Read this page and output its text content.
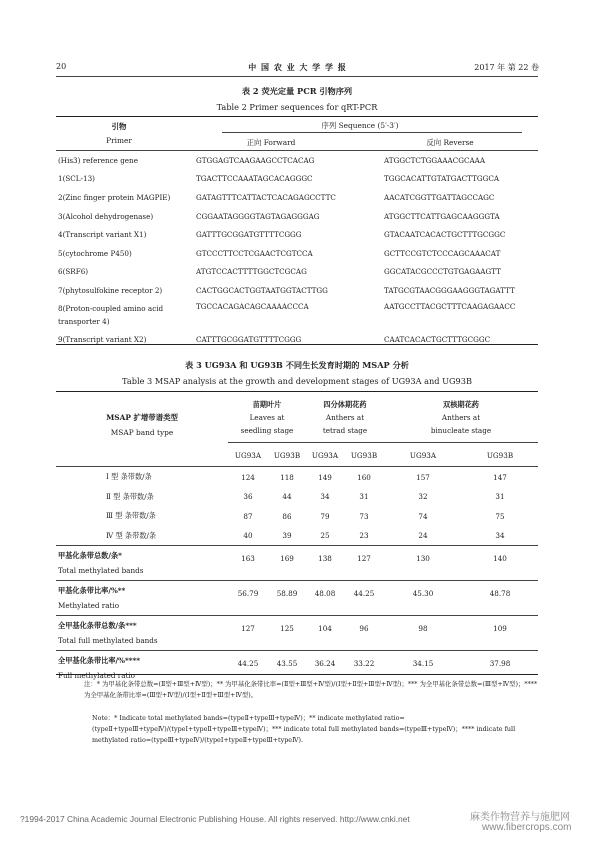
20	中 国 农 业 大 学 学 报	2017 年 第 22 卷
表 2 荧光定量 PCR 引物序列
Table 2 Primer sequences for qRT-PCR
引物
Primer
序列 Sequence (5′-3′)
正向 Forward	反向 Reverse
(His3) reference gene	GTGGAGTCAAGAAGCCTCACAG	ATGGCTCTGGAAACGCAAA

1(SCL-13)	TGACTTCCAAATAGCACAGGGC	TGGCACATTGTATGACTTGGCA

2(Zinc finger protein MAGPIE)	GATAGTTTCATTACTCACAGAGCCTTC	AACATCGGTTGATTAGCCAGC

3(Alcohol dehydrogenase)	CGGAATAGGGGTAGTAGAGGGAG	ATGGCTTCATTGAGCAAGGGTA

4(Transcript variant X1)	GATTTGCGGATGTTTTCGGG	GTACAATCACACTGCTTTGCGGC

5(cytochrome P450)	GTCCCTTCCTCGAACTCGTCCA	GCTTCCGTCTCCCAGCAAACAT

6(SRF6)	ATGTCCACTTTTGGCTCGCAG	GGCATACGCCCTGTGAGAAGTT

7(phytosulfokine receptor 2)	CACTGGCACTGGTAATGGTACTTGG	TATGCGTAACGGGAAGGGTAGATTT

8(Proton-coupled amino acid
transporter 4)	TGCCACAGACAGCAAAACCCA	AATGCCTTACGCTTTCAAGAGAACC

9(Transcript variant X2)	CATTTGCGGATGTTTTCGGG	CAATCACACTGCTTTGCGGC
表 3 UG93A 和 UG93B 不同生长发育时期的 MSAP 分析
Table 3 MSAP analysis at the growth and development stages of UG93A and UG93B
MSAP 扩增带谱类型
MSAP band type
苗期叶片
Leaves at
seedling stage
四分体期花药
Anthers at
tetrad stage
双核期花药
Anthers at
binucleate stage
	UG93A	UG93B	UG93A	UG93B	UG93A	UG93B

Ⅰ 型 条带数/条	124	118	149	160	157	147
Ⅱ 型 条带数/条	36	44	34	31	32	31
Ⅲ 型 条带数/条	87	86	79	73	74	75
Ⅳ 型 条带数/条	40	39	25	23	24	34

甲基化条带总数/条*
Total methylated bands	163	169	138	127	130	140

甲基化条带比率/%**
Methylated ratio	56.79	58.89	48.08	44.25	45.30	48.78

全甲基化条带总数/条***
Total full methylated bands	127	125	104	96	98	109

全甲基化条带比率/%****
Full methylated ratio	44.25	43.55	36.24	33.22	34.15	37.98
注：* 为甲基化条带总数=(Ⅱ型+Ⅲ型+Ⅳ型)；** 为甲基化条带比率=(Ⅱ型+Ⅲ型+Ⅳ型)/(Ⅰ型+Ⅱ型+Ⅲ型+Ⅳ型)；*** 为全甲基化条带总数=(Ⅲ型+Ⅳ型)；**** 为全甲基化条带比率=(Ⅲ型+Ⅳ型)/(Ⅰ型+Ⅱ型+Ⅲ型+Ⅳ型)。
Note：* Indicate total methylated bands=(typeⅡ+typeⅢ+typeⅣ)；** indicate methylated ratio=(typeⅡ+typeⅢ+typeⅣ)/(typeⅠ+typeⅡ+typeⅢ+typeⅣ)；*** indicate total full methylated bands=(typeⅢ+typeⅣ)；**** indicate full methylated ratio=(typeⅢ+typeⅣ)/(typeⅠ+typeⅡ+typeⅢ+typeⅣ).
?1994-2017 China Academic Journal Electronic Publishing House. All rights reserved. http://www.cnki.net	麻类作物营养与施肥网
www.fibercrops.com
